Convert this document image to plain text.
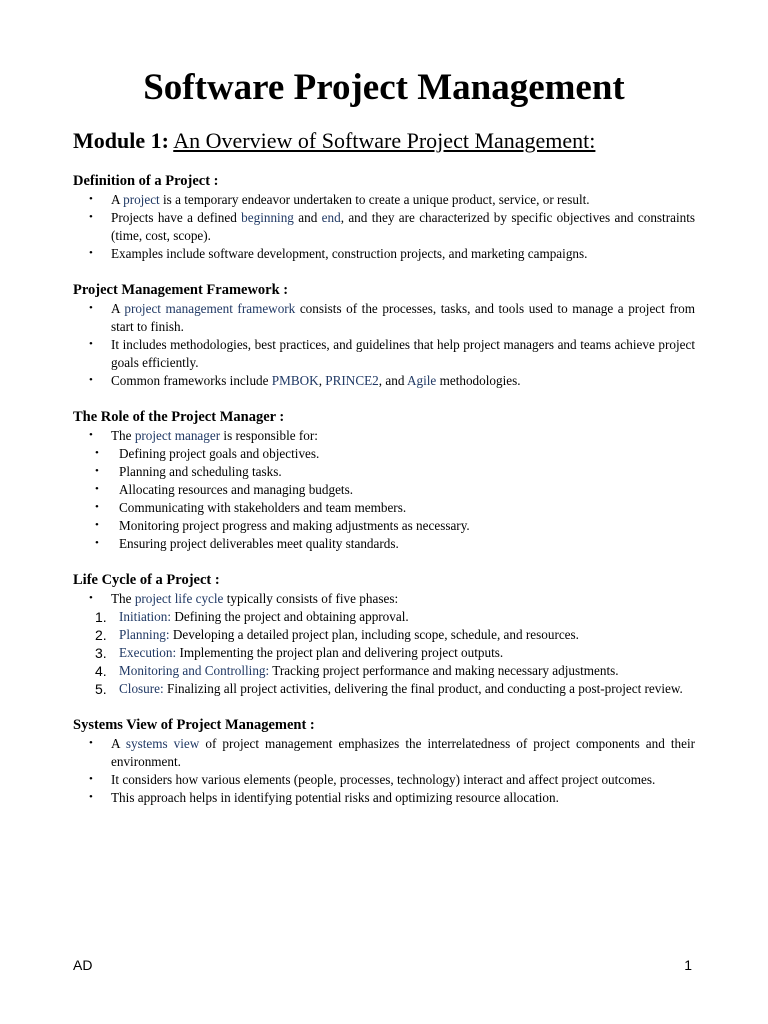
Software Project Management
Module 1: An Overview of Software Project Management:

Definition of a Project :

• A project is a temporary endeavor undertaken to create a unique product, service, or result.
• Projects have a defined beginning and end, and they are characterized by specific objectives and constraints (time, cost, scope).
• Examples include software development, construction projects, and marketing campaigns.

Project Management Framework :

• A project management framework consists of the processes, tasks, and tools used to manage a project from start to finish.
• It includes methodologies, best practices, and guidelines that help project managers and teams achieve project goals efficiently.
• Common frameworks include PMBOK, PRINCE2, and Agile methodologies.

The Role of the Project Manager :

• The project manager is responsible for:
• Defining project goals and objectives.
• Planning and scheduling tasks.
• Allocating resources and managing budgets.
• Communicating with stakeholders and team members.
• Monitoring project progress and making adjustments as necessary.
• Ensuring project deliverables meet quality standards.

Life Cycle of a Project :

• The project life cycle typically consists of five phases:
1. Initiation: Defining the project and obtaining approval.
2. Planning: Developing a detailed project plan, including scope, schedule, and resources.
3. Execution: Implementing the project plan and delivering project outputs.
4. Monitoring and Controlling: Tracking project performance and making necessary adjustments.
5. Closure: Finalizing all project activities, delivering the final product, and conducting a post-project review.

Systems View of Project Management :

• A systems view of project management emphasizes the interrelatedness of project components and their environment.
• It considers how various elements (people, processes, technology) interact and affect project outcomes.
• This approach helps in identifying potential risks and optimizing resource allocation.
AD	1
